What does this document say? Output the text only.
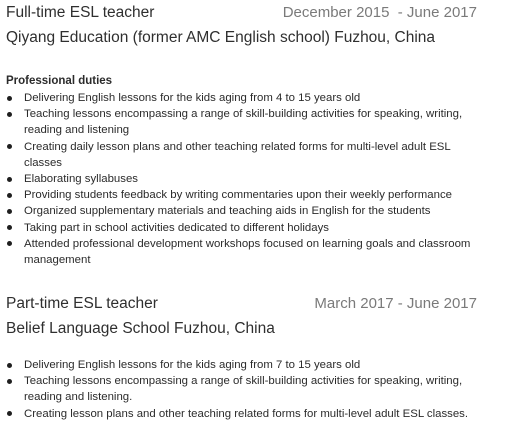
Full-time ESL teacher	December 2015  - June 2017
Qiyang Education (former AMC English school) Fuzhou, China
Professional duties
Delivering English lessons for the kids aging from 4 to 15 years old
Teaching lessons encompassing a range of skill-building activities for speaking, writing, reading and listening
Creating daily lesson plans and other teaching related forms for multi-level adult ESL classes
Elaborating syllabuses
Providing students feedback by writing commentaries upon their weekly performance
Organized supplementary materials and teaching aids in English for the students
Taking part in school activities dedicated to different holidays
Attended professional development workshops focused on learning goals and classroom management
Part-time ESL teacher	March 2017 - June 2017
Belief Language School Fuzhou, China
Delivering English lessons for the kids aging from 7 to 15 years old
Teaching lessons encompassing a range of skill-building activities for speaking, writing, reading and listening.
Creating lesson plans and other teaching related forms for multi-level adult ESL classes.
